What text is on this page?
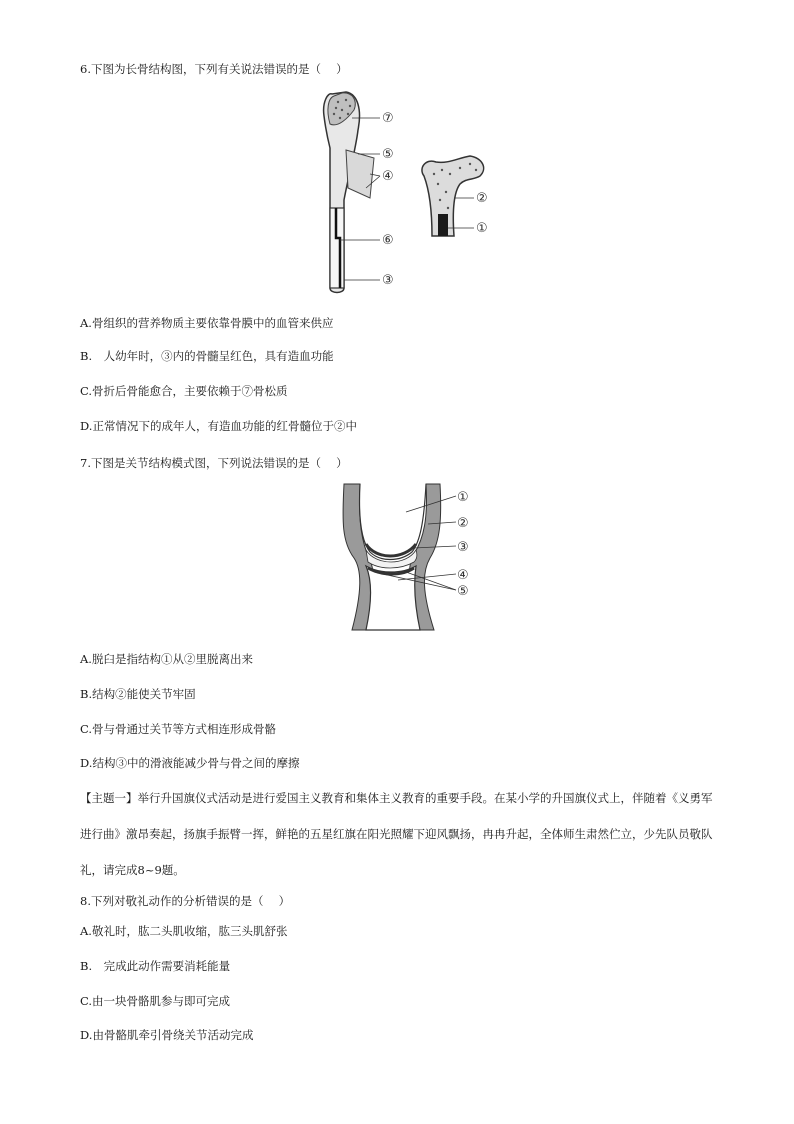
6.下图为长骨结构图，下列有关说法错误的是（　 ）
⑦
⑤
④
⑥
③
②
①
A.骨组织的营养物质主要依靠骨膜中的血管来供应
B.　人幼年时，③内的骨髓呈红色，具有造血功能
C.骨折后骨能愈合，主要依赖于⑦骨松质
D.正常情况下的成年人，有造血功能的红骨髓位于②中
7.下图是关节结构模式图，下列说法错误的是（　 ）
①
②
③
④
⑤
A.脱臼是指结构①从②里脱离出来
B.结构②能使关节牢固
C.骨与骨通过关节等方式相连形成骨骼
D.结构③中的滑液能减少骨与骨之间的摩擦
【主题一】举行升国旗仪式活动是进行爱国主义教育和集体主义教育的重要手段。在某小学的升国旗仪式上，伴随着《义勇军进行曲》激昂奏起，扬旗手振臂一挥，鲜艳的五星红旗在阳光照耀下迎风飘扬，冉冉升起，全体师生肃然伫立，少先队员敬队礼，请完成8~9题。
8.下列对敬礼动作的分析错误的是（　 ）
A.敬礼时，肱二头肌收缩，肱三头肌舒张
B.　完成此动作需要消耗能量
C.由一块骨骼肌参与即可完成
D.由骨骼肌牵引骨绕关节活动完成
